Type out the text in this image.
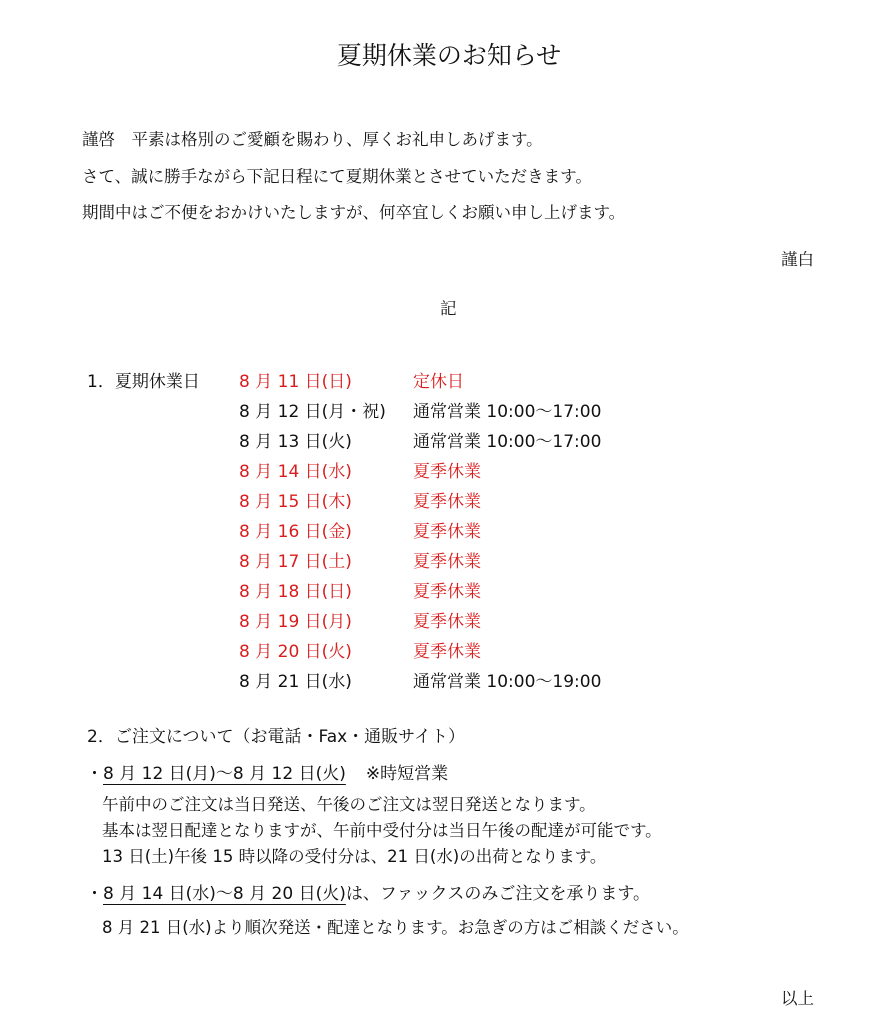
夏期休業のお知らせ
謹啓　平素は格別のご愛顧を賜わり、厚くお礼申しあげます。
さて、誠に勝手ながら下記日程にて夏期休業とさせていただきます。
期間中はご不便をおかけいたしますが、何卒宜しくお願い申し上げます。
謹白
記
1．夏期休業日 8 月 11 日(日)	定休日
8 月 12 日(月・祝) 通常営業 10:00～17:00
8 月 13 日(火)	通常営業 10:00～17:00
8 月 14 日(水)	夏季休業
8 月 15 日(木)	夏季休業
8 月 16 日(金)	夏季休業
8 月 17 日(土)	夏季休業
8 月 18 日(日)	夏季休業
8 月 19 日(月)	夏季休業
8 月 20 日(火)	夏季休業
8 月 21 日(水)	通常営業 10:00～19:00
2．ご注文について（お電話・Fax・通販サイト）
・8 月 12 日(月)～8 月 12 日(火) ※時短営業
午前中のご注文は当日発送、午後のご注文は翌日発送となります。
基本は翌日配達となりますが、午前中受付分は当日午後の配達が可能です。
13 日(土)午後 15 時以降の受付分は、21 日(水)の出荷となります。
・8 月 14 日(水)～8 月 20 日(火)は、ファックスのみご注文を承ります。
8 月 21 日(水)より順次発送・配達となります。お急ぎの方はご相談ください。
以上
